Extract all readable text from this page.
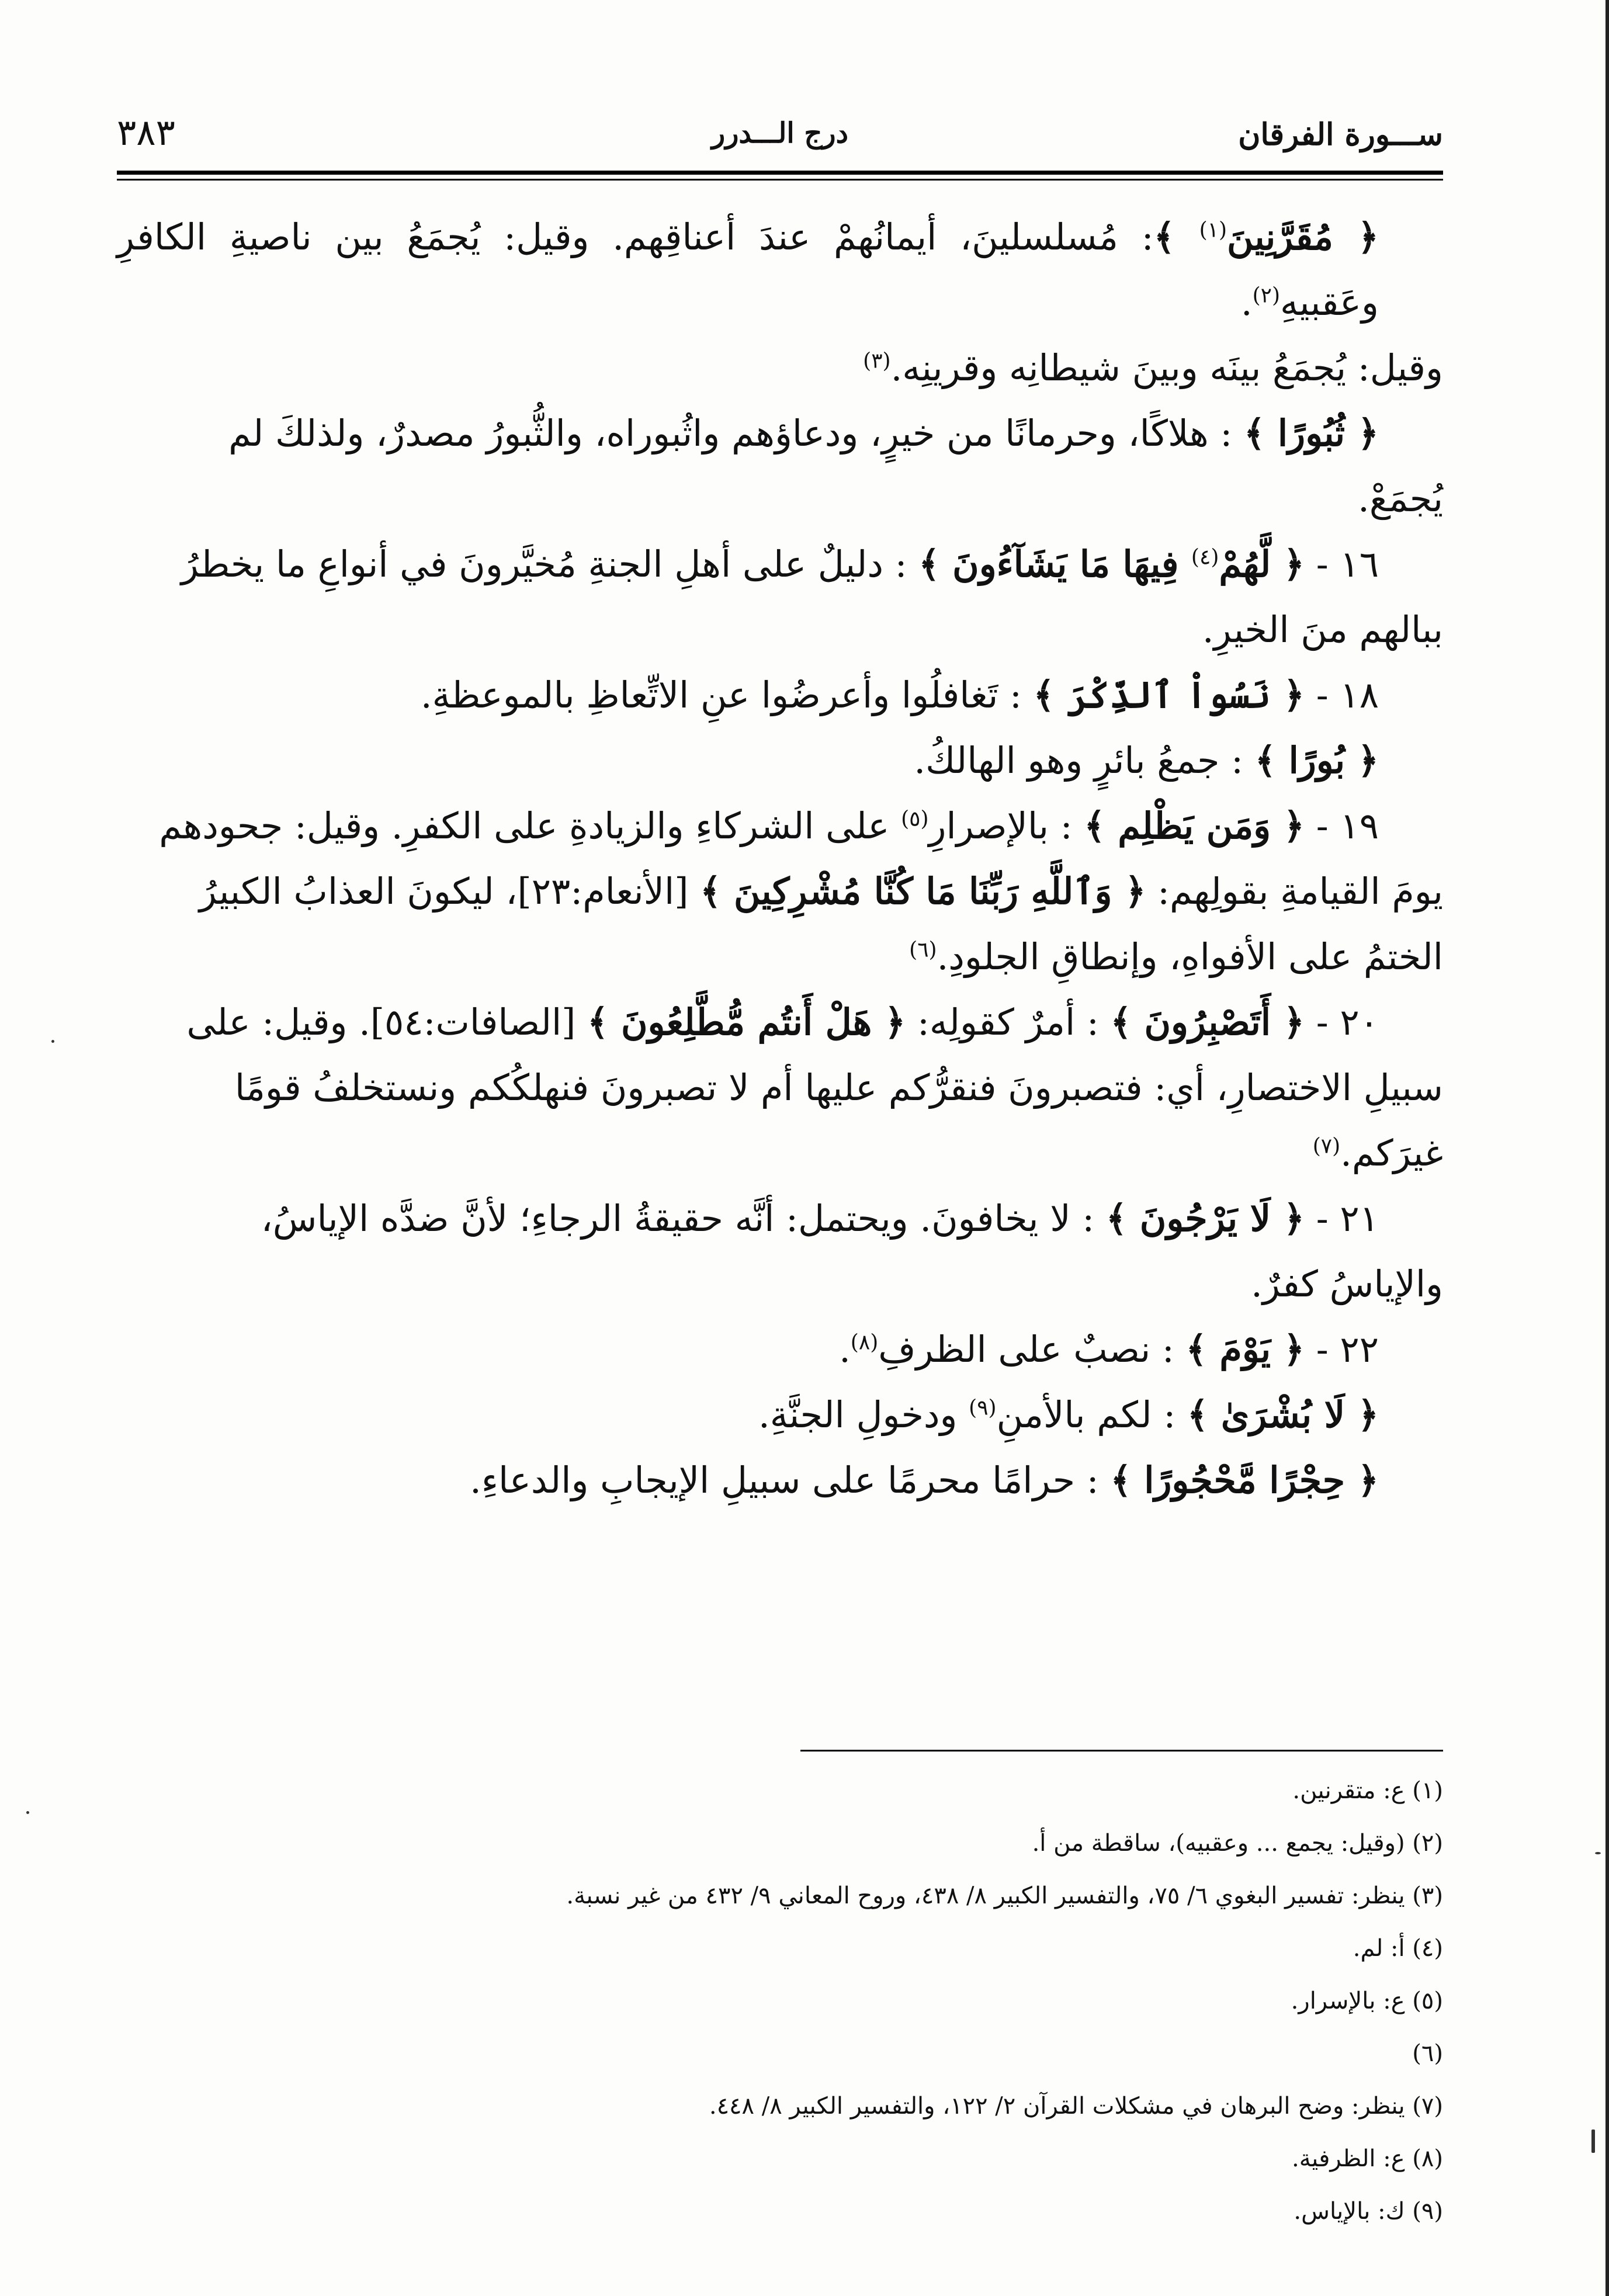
ســـورة الفرقان
درج الـــدرر
٣٨٣

﴿ مُقَرَّنِينَ$^{(١)}$ ﴾: مُسلسلينَ، أيمانُهمْ عندَ أعناقِهم. وقيل: يُجمَعُ بين ناصيةِ الكافرِ وعَقبيهِ$^{(٢)}$.

وقيل: يُجمَعُ بينَه وبينَ شيطانِه وقرينِه.$^{(٣)}$

﴿ ثُبُورًا ﴾ : هلاكًا، وحرمانًا من خيرٍ، ودعاؤهم واثُبوراه، والثُّبورُ مصدرٌ، ولذلكَ لم

يُجمَعْ.

١٦ - ﴿ لَّهُمْ$^{(٤)}$ فِيهَا مَا يَشَآءُونَ ﴾ : دليلٌ على أهلِ الجنةِ مُخيَّرونَ في أنواعِ ما يخطرُ

ببالهم منَ الخيرِ.

١٨ - ﴿ نَسُواْ ٱلذِّكْرَ ﴾ : تَغافلُوا وأعرضُوا عنِ الاتِّعاظِ بالموعظةِ.

﴿ بُورًا ﴾ : جمعُ بائرٍ وهو الهالكُ.

١٩ - ﴿ وَمَن يَظْلِم ﴾ : بالإصرارِ$^{(٥)}$ على الشركاءِ والزيادةِ على الكفرِ. وقيل: جحودهم

يومَ القيامةِ بقولِهم: ﴿ وَٱللَّهِ رَبِّنَا مَا كُنَّا مُشْرِكِينَ ﴾ [الأنعام:٢٣]، ليكونَ العذابُ الكبيرُ

الختمُ على الأفواهِ، وإنطاقِ الجلودِ.$^{(٦)}$

٢٠ - ﴿ أَتَصْبِرُونَ ﴾ : أمرٌ كقولِه: ﴿ هَلْ أَنتُم مُّطَّلِعُونَ ﴾ [الصافات:٥٤]. وقيل: على

سبيلِ الاختصارِ، أي: فتصبرونَ فنقرُّكم عليها أم لا تصبرونَ فنهلكُكم ونستخلفُ قومًا

غيرَكم.$^{(٧)}$

٢١ - ﴿ لَا يَرْجُونَ ﴾ : لا يخافونَ. ويحتمل: أنَّه حقيقةُ الرجاءِ؛ لأنَّ ضدَّه الإياسُ،

والإياسُ كفرٌ.

٢٢ - ﴿ يَوْمَ ﴾ : نصبٌ على الظرفِ$^{(٨)}$.

﴿ لَا بُشْرَىٰ ﴾ : لكم بالأمنِ$^{(٩)}$ ودخولِ الجنَّةِ.

﴿ حِجْرًا مَّحْجُورًا ﴾ : حرامًا محرمًا على سبيلِ الإيجابِ والدعاءِ.

(١) ع: متقرنين.
(٢) (وقيل: يجمع ... وعقبيه)، ساقطة من أ.
(٣) ينظر: تفسير البغوي ٦/ ٧٥، والتفسير الكبير ٨/ ٤٣٨، وروح المعاني ٩/ ٤٣٢ من غير نسبة.
(٤) أ: لم.
(٥) ع: بالإسرار.
(٦)
(٧) ينظر: وضح البرهان في مشكلات القرآن ٢/ ١٢٢، والتفسير الكبير ٨/ ٤٤٨.
(٨) ع: الظرفية.
(٩) ك: بالإياس.
